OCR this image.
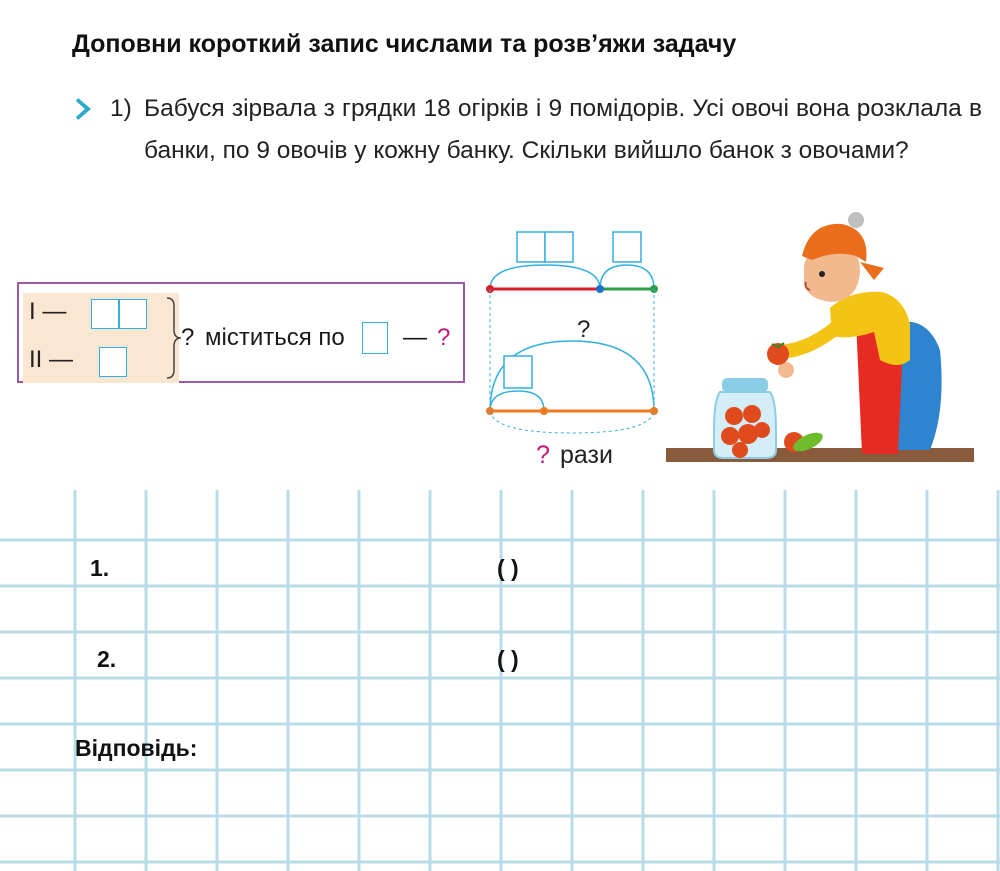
Доповни короткий запис числами та розв’яжи задачу
1) Бабуся зірвала з грядки 18 огірків і 9 помідорів. Усі овочі вона розклала в банки, по 9 овочів у кожну банку. Скільки вийшло банок з овочами?
I —
II —
? міститься по — ?	?
? рази
1.	( )
2.	( )
Відповідь:
